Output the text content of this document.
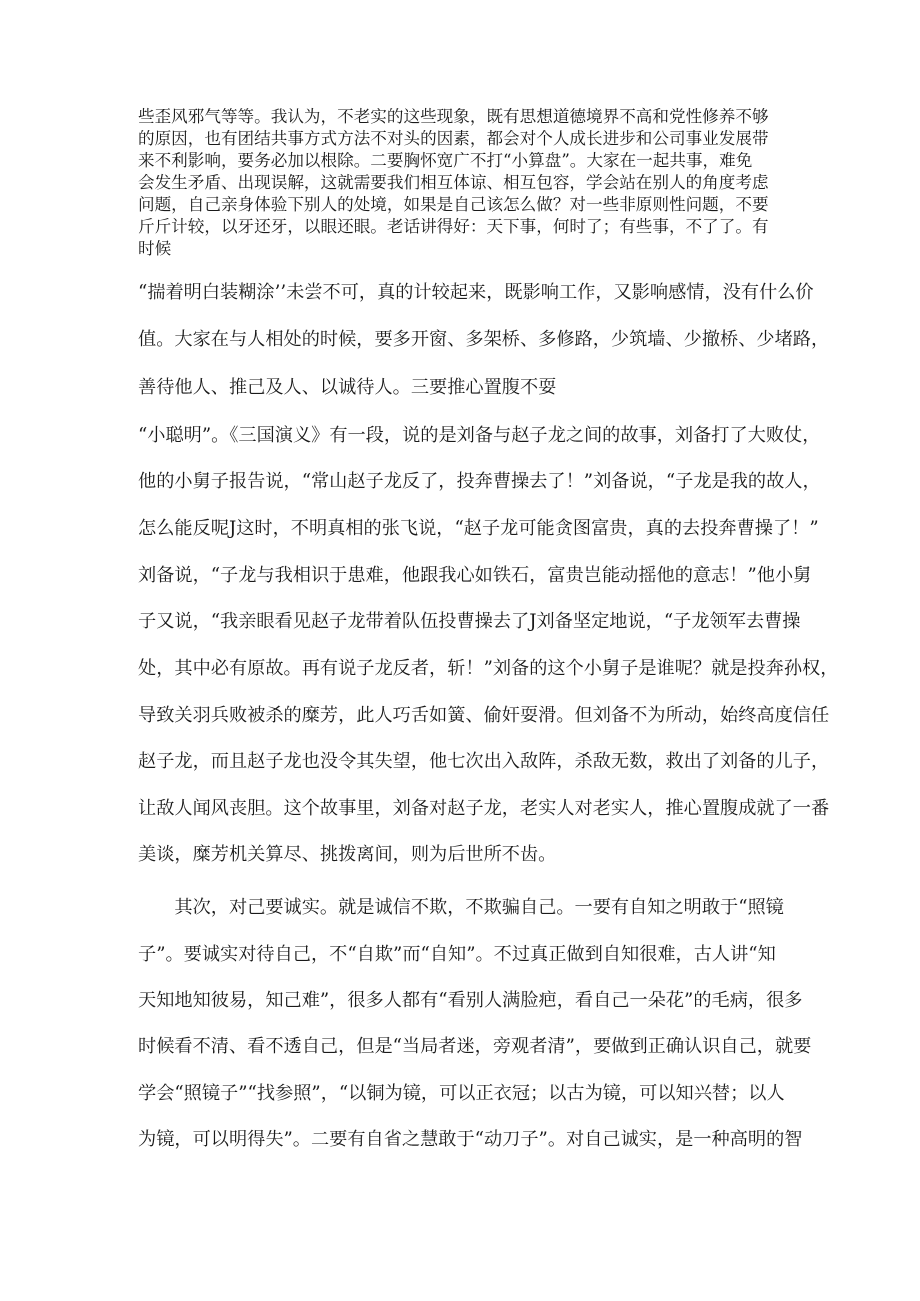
些歪风邪气等等。我认为，不老实的这些现象，既有思想道德境界不高和党性修养不够
的原因，也有团结共事方式方法不对头的因素，都会对个人成长进步和公司事业发展带
来不利影响，要务必加以根除。二要胸怀宽广不打“小算盘”。大家在一起共事，难免
会发生矛盾、出现误解，这就需要我们相互体谅、相互包容，学会站在别人的角度考虑
问题，自己亲身体验下别人的处境，如果是自己该怎么做？对一些非原则性问题，不要
斤斤计较，以牙还牙，以眼还眼。老话讲得好：天下事，何时了；有些事，不了了。有
时候
“揣着明白装糊涂’’未尝不可，真的计较起来，既影响工作，又影响感情，没有什么价
值。大家在与人相处的时候，要多开窗、多架桥、多修路，少筑墙、少撤桥、少堵路，
善待他人、推己及人、以诚待人。三要推心置腹不耍
“小聪明”。《三国演义》有一段，说的是刘备与赵子龙之间的故事，刘备打了大败仗，
他的小舅子报告说，“常山赵子龙反了，投奔曹操去了！”刘备说，“子龙是我的故人，
怎么能反呢J这时，不明真相的张飞说，“赵子龙可能贪图富贵，真的去投奔曹操了！”
刘备说，“子龙与我相识于患难，他跟我心如铁石，富贵岂能动摇他的意志！”他小舅
子又说，“我亲眼看见赵子龙带着队伍投曹操去了J刘备坚定地说，“子龙领军去曹操
处，其中必有原故。再有说子龙反者，斩！”刘备的这个小舅子是谁呢？就是投奔孙权，
导致关羽兵败被杀的糜芳，此人巧舌如簧、偷奸耍滑。但刘备不为所动，始终高度信任
赵子龙，而且赵子龙也没令其失望，他七次出入敌阵，杀敌无数，救出了刘备的儿子，
让敌人闻风丧胆。这个故事里，刘备对赵子龙，老实人对老实人，推心置腹成就了一番
美谈，糜芳机关算尽、挑拨离间，则为后世所不齿。
　　其次，对己要诚实。就是诚信不欺，不欺骗自己。一要有自知之明敢于“照镜
子”。要诚实对待自己，不“自欺”而“自知”。不过真正做到自知很难，古人讲“知
天知地知彼易，知己难”，很多人都有“看别人满脸疤，看自己一朵花”的毛病，很多
时候看不清、看不透自己，但是“当局者迷，旁观者清”，要做到正确认识自己，就要
学会“照镜子”“找参照”，“以铜为镜，可以正衣冠；以古为镜，可以知兴替；以人
为镜，可以明得失”。二要有自省之慧敢于“动刀子”。对自己诚实，是一种高明的智
